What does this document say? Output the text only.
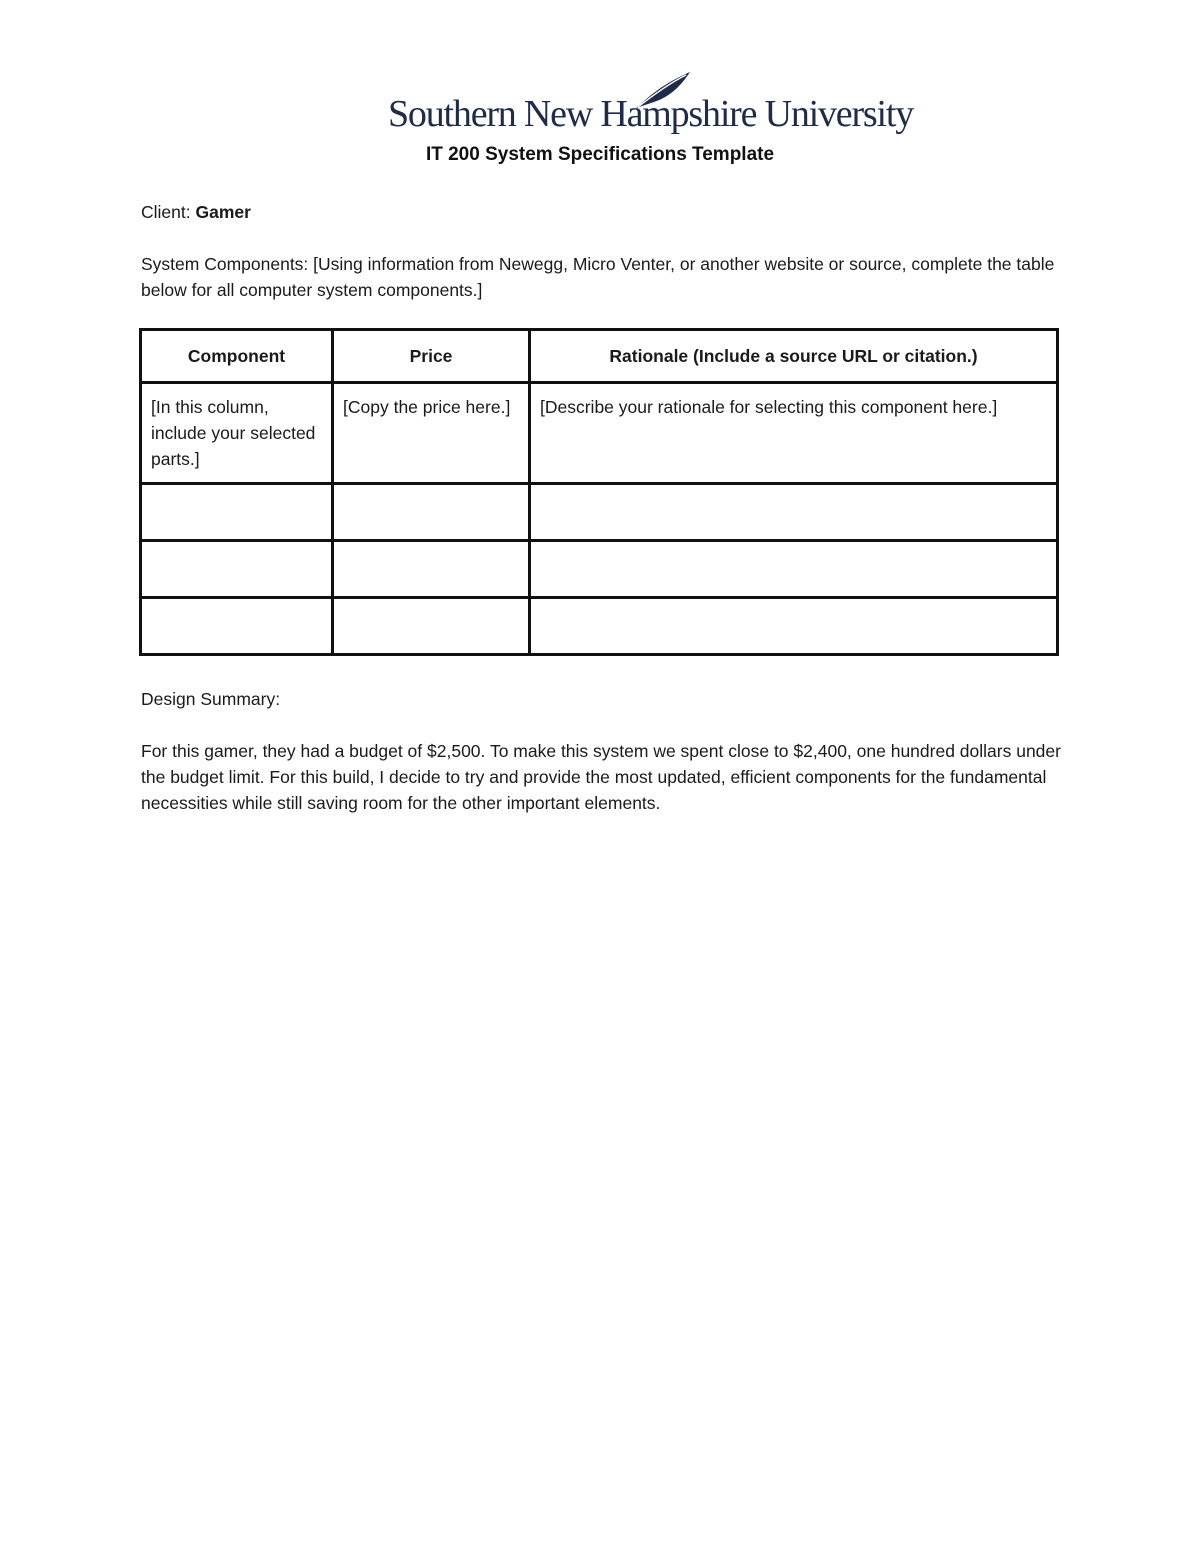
Southern New Hampshire University
IT 200 System Specifications Template
Client: Gamer
System Components: [Using information from Newegg, Micro Venter, or another website or source, complete the table below for all computer system components.]
Component	Price	Rationale (Include a source URL or citation.)
[In this column, include your selected parts.]	[Copy the price here.]	[Describe your rationale for selecting this component here.]

Design Summary:
For this gamer, they had a budget of $2,500. To make this system we spent close to $2,400, one hundred dollars under the budget limit. For this build, I decide to try and provide the most updated, efficient components for the fundamental necessities while still saving room for the other important elements.
